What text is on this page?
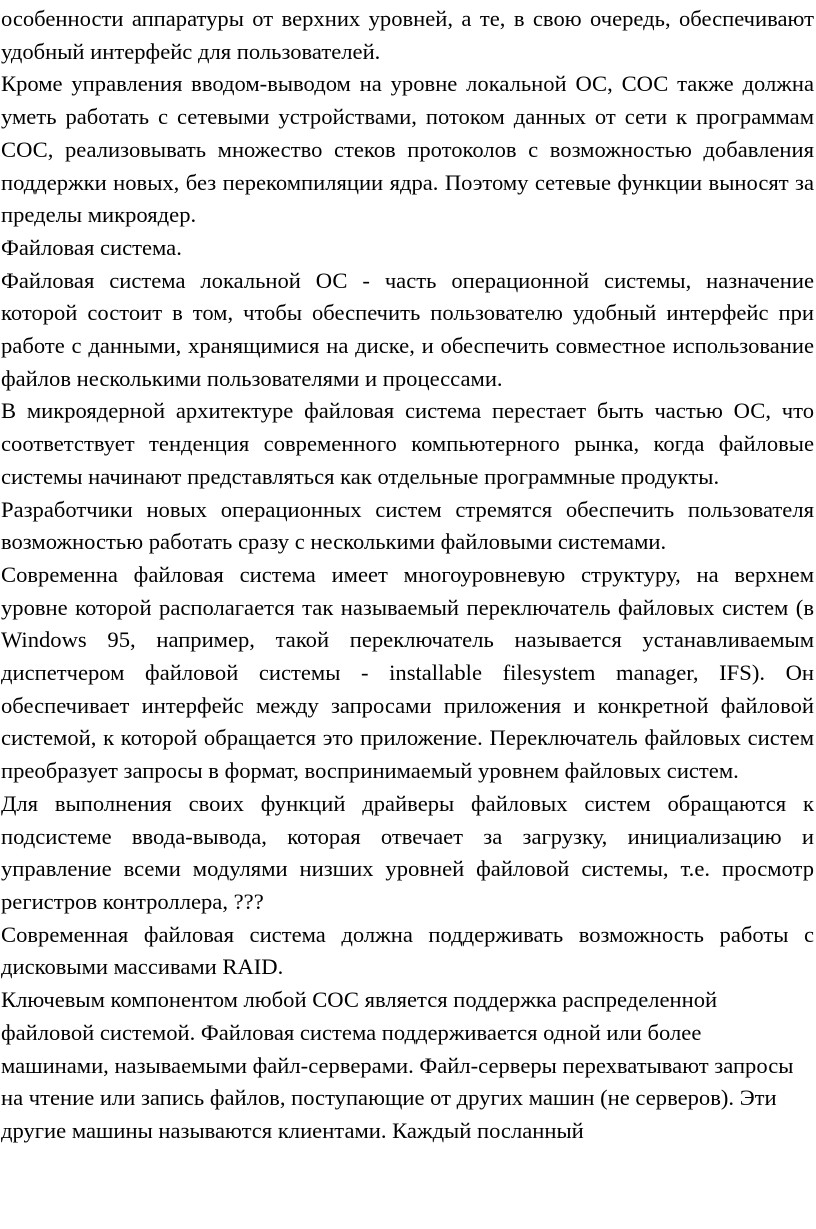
особенности аппаратуры от верхних уровней, а те, в свою очередь, обеспечивают удобный интерфейс для пользователей.

Кроме управления вводом-выводом на уровне локальной ОС, СОС также должна уметь работать с сетевыми устройствами, потоком данных от сети к программам СОС, реализовывать множество стеков протоколов с возможностью добавления поддержки новых, без перекомпиляции ядра. Поэтому сетевые функции выносят за пределы микроядер.

Файловая система.

Файловая система локальной ОС - часть операционной системы, назначение которой состоит в том, чтобы обеспечить пользователю удобный интерфейс при работе с данными, хранящимися на диске, и обеспечить совместное использование файлов несколькими пользователями и процессами.

В микроядерной архитектуре файловая система перестает быть частью ОС, что соответствует тенденция современного компьютерного рынка, когда файловые системы начинают представляться как отдельные программные продукты.

Разработчики новых операционных систем стремятся обеспечить пользователя возможностью работать сразу с несколькими файловыми системами.

Современна файловая система имеет многоуровневую структуру, на верхнем уровне которой располагается так называемый переключатель файловых систем (в Windows 95, например, такой переключатель называется устанавливаемым диспетчером файловой системы - installable filesystem manager, IFS). Он обеспечивает интерфейс между запросами приложения и конкретной файловой системой, к которой обращается это приложение. Переключатель файловых систем преобразует запросы в формат, воспринимаемый уровнем файловых систем.

Для выполнения своих функций драйверы файловых систем обращаются к подсистеме ввода-вывода, которая отвечает за загрузку, инициализацию и управление всеми модулями низших уровней файловой системы, т.е. просмотр регистров контроллера, ???

Современная файловая система должна поддерживать возможность работы с дисковыми массивами RAID.

Ключевым компонентом любой СОС является поддержка распределенной файловой системой. Файловая система поддерживается одной или более машинами, называемыми файл-серверами. Файл-серверы перехватывают запросы на чтение или запись файлов, поступающие от других машин (не серверов). Эти другие машины называются клиентами. Каждый посланный
